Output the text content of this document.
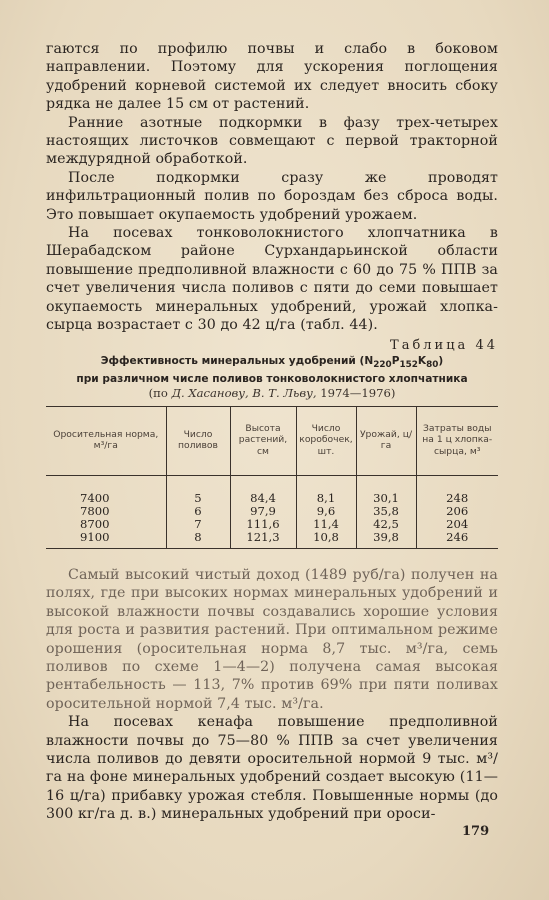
гаются по профилю почвы и слабо в боковом направлении. Поэтому для ускорения поглощения удобрений корневой системой их следует вносить сбоку рядка не далее 15 см от растений.

Ранние азотные подкормки в фазу трех-четырех настоящих листочков совмещают с первой тракторной междурядной обработкой.

После подкормки сразу же проводят инфильтрационный полив по бороздам без сброса воды. Это повышает окупаемость удобрений урожаем.

На посевах тонковолокнистого хлопчатника в Шерабадском районе Сурхандарьинской области повышение предполивной влажности с 60 до 75 % ППВ за счет увеличения числа поливов с пяти до семи повышает окупаемость минеральных удобрений, урожай хлопка-сырца возрастает с 30 до 42 ц/га (табл. 44).

Таблица 44
Эффективность минеральных удобрений $(N_{220}P_{152}K_{80})$
при различном числе поливов тонковолокнистого хлопчатника
(по Д. Хасанову, В. Т. Льву, 1974—1976)
Оросительная норма, м³/га	Число поливов	Высота растений, см	Число коробочек, шт.	Урожай, ц/га	Затраты воды на 1 ц хлопка-сырца, м³
7400	5	84,4	8,1	30,1	248
7800	6	97,9	9,6	35,8	206
8700	7	111,6	11,4	42,5	204
9100	8	121,3	10,8	39,8	246

Самый высокий чистый доход (1489 руб/га) получен на полях, где при высоких нормах минеральных удобрений и высокой влажности почвы создавались хорошие условия для роста и развития растений. При оптимальном режиме орошения (оросительная норма 8,7 тыс. м³/га, семь поливов по схеме 1—4—2) получена самая высокая рентабельность — 113, 7% против 69% при пяти поливах оросительной нормой 7,4 тыс. м³/га.

На посевах кенафа повышение предполивной влажности почвы до 75—80 % ППВ за счет увеличения числа поливов до девяти оросительной нормой 9 тыс. м³/га на фоне минеральных удобрений создает высокую (11—16 ц/га) прибавку урожая стебля. Повышенные нормы (до 300 кг/га д. в.) минеральных удобрений при ороси-

179
